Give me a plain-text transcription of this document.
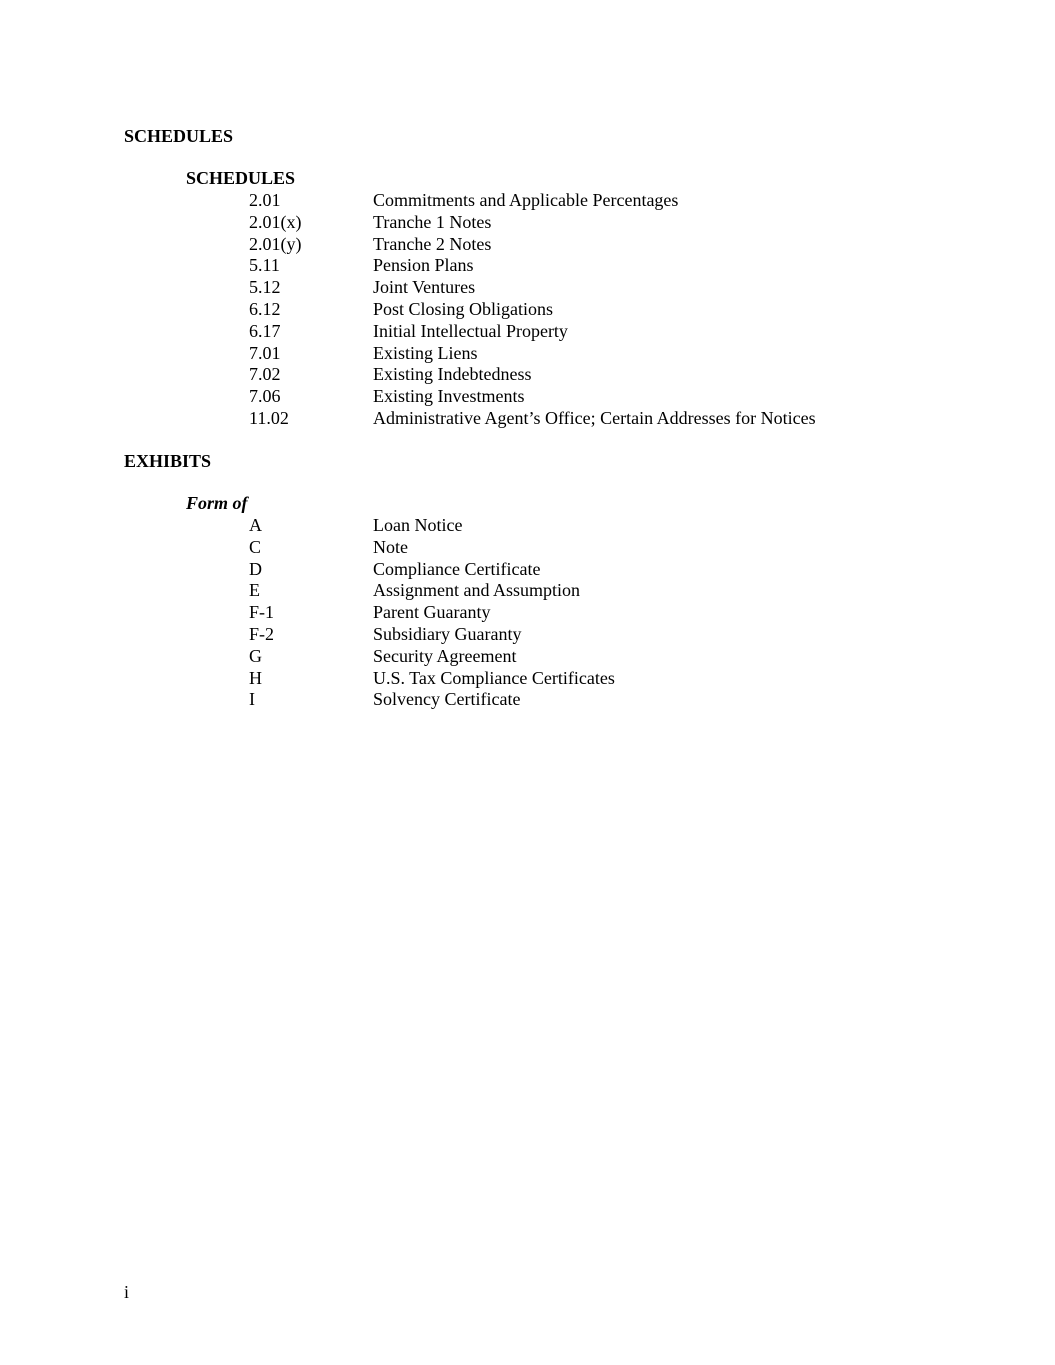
SCHEDULES
SCHEDULES
2.01	Commitments and Applicable Percentages
2.01(x)	Tranche 1 Notes
2.01(y)	Tranche 2 Notes
5.11	Pension Plans
5.12	Joint Ventures
6.12	Post Closing Obligations
6.17	Initial Intellectual Property
7.01	Existing Liens
7.02	Existing Indebtedness
7.06	Existing Investments
11.02	Administrative Agent’s Office; Certain Addresses for Notices
EXHIBITS
Form of
A	Loan Notice
C	Note
D	Compliance Certificate
E	Assignment and Assumption
F-1	Parent Guaranty
F-2	Subsidiary Guaranty
G	Security Agreement
H	U.S. Tax Compliance Certificates
I	Solvency Certificate
i
